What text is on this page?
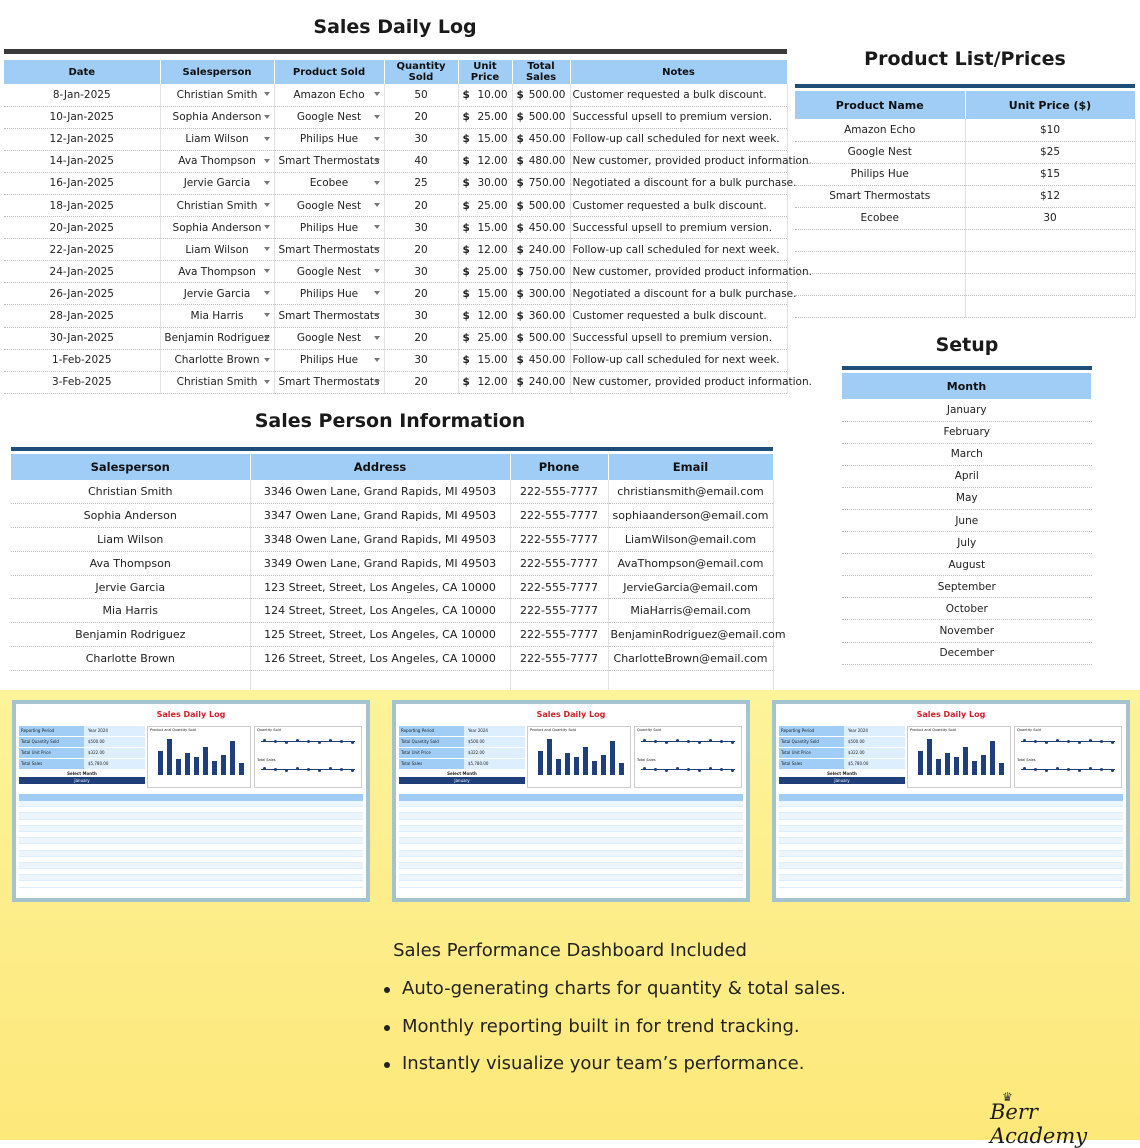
Sales Daily Log
Date	Salesperson	Product Sold	Quantity Sold	Unit Price	Total Sales	Notes
8-Jan-2025	Christian Smith	Amazon Echo	50	$ 10.00	$ 500.00	Customer requested a bulk discount.
10-Jan-2025	Sophia Anderson	Google Nest	20	$ 25.00	$ 500.00	Successful upsell to premium version.
12-Jan-2025	Liam Wilson	Philips Hue	30	$ 15.00	$ 450.00	Follow-up call scheduled for next week.
14-Jan-2025	Ava Thompson	Smart Thermostats	40	$ 12.00	$ 480.00	New customer, provided product information.
16-Jan-2025	Jervie Garcia	Ecobee	25	$ 30.00	$ 750.00	Negotiated a discount for a bulk purchase.
18-Jan-2025	Christian Smith	Google Nest	20	$ 25.00	$ 500.00	Customer requested a bulk discount.
20-Jan-2025	Sophia Anderson	Philips Hue	30	$ 15.00	$ 450.00	Successful upsell to premium version.
22-Jan-2025	Liam Wilson	Smart Thermostats	20	$ 12.00	$ 240.00	Follow-up call scheduled for next week.
24-Jan-2025	Ava Thompson	Google Nest	30	$ 25.00	$ 750.00	New customer, provided product information.
26-Jan-2025	Jervie Garcia	Philips Hue	20	$ 15.00	$ 300.00	Negotiated a discount for a bulk purchase.
28-Jan-2025	Mia Harris	Smart Thermostats	30	$ 12.00	$ 360.00	Customer requested a bulk discount.
30-Jan-2025	Benjamin Rodriguez	Google Nest	20	$ 25.00	$ 500.00	Successful upsell to premium version.
1-Feb-2025	Charlotte Brown	Philips Hue	30	$ 15.00	$ 450.00	Follow-up call scheduled for next week.
3-Feb-2025	Christian Smith	Smart Thermostats	20	$ 12.00	$ 240.00	New customer, provided product information.
Product List/Prices
Product Name	Unit Price ($)
Amazon Echo	$10
Google Nest	$25
Philips Hue	$15
Smart Thermostats	$12
Ecobee	30

Setup
Month
January
February
March
April
May
June
July
August
September
October
November
December
Sales Person Information
Salesperson	Address	Phone	Email
Christian Smith	3346 Owen Lane, Grand Rapids, MI 49503	222-555-7777	christiansmith@email.com
Sophia Anderson	3347 Owen Lane, Grand Rapids, MI 49503	222-555-7777	sophiaanderson@email.com
Liam Wilson	3348 Owen Lane, Grand Rapids, MI 49503	222-555-7777	LiamWilson@email.com
Ava Thompson	3349 Owen Lane, Grand Rapids, MI 49503	222-555-7777	AvaThompson@email.com
Jervie Garcia	123 Street, Street, Los Angeles, CA 10000	222-555-7777	JervieGarcia@email.com
Mia Harris	124 Street, Street, Los Angeles, CA 10000	222-555-7777	MiaHarris@email.com
Benjamin Rodriguez	125 Street, Street, Los Angeles, CA 10000	222-555-7777	BenjaminRodriguez@email.com
Charlotte Brown	126 Street, Street, Los Angeles, CA 10000	222-555-7777	CharlotteBrown@email.com

Sales Daily Log
Reporting Period	Year 2024
Total Quantity Sold	$500.00
Total Unit Price	$322.00
Total Sales	$5,780.00
Select Month
January
Product and Quantity Sold	Quantity Sold
Total Sales
Sales Daily Log
Reporting Period	Year 2024
Total Quantity Sold	$500.00
Total Unit Price	$322.00
Total Sales	$5,780.00
Select Month
January
Product and Quantity Sold	Quantity Sold
Total Sales
Sales Daily Log
Reporting Period	Year 2024
Total Quantity Sold	$500.00
Total Unit Price	$322.00
Total Sales	$5,780.00
Select Month
January
Product and Quantity Sold	Quantity Sold
Total Sales
Sales Performance Dashboard Included
Auto-generating charts for quantity & total sales.
Monthly reporting built in for trend tracking.
Instantly visualize your team’s performance.
♛
Berr Academy
